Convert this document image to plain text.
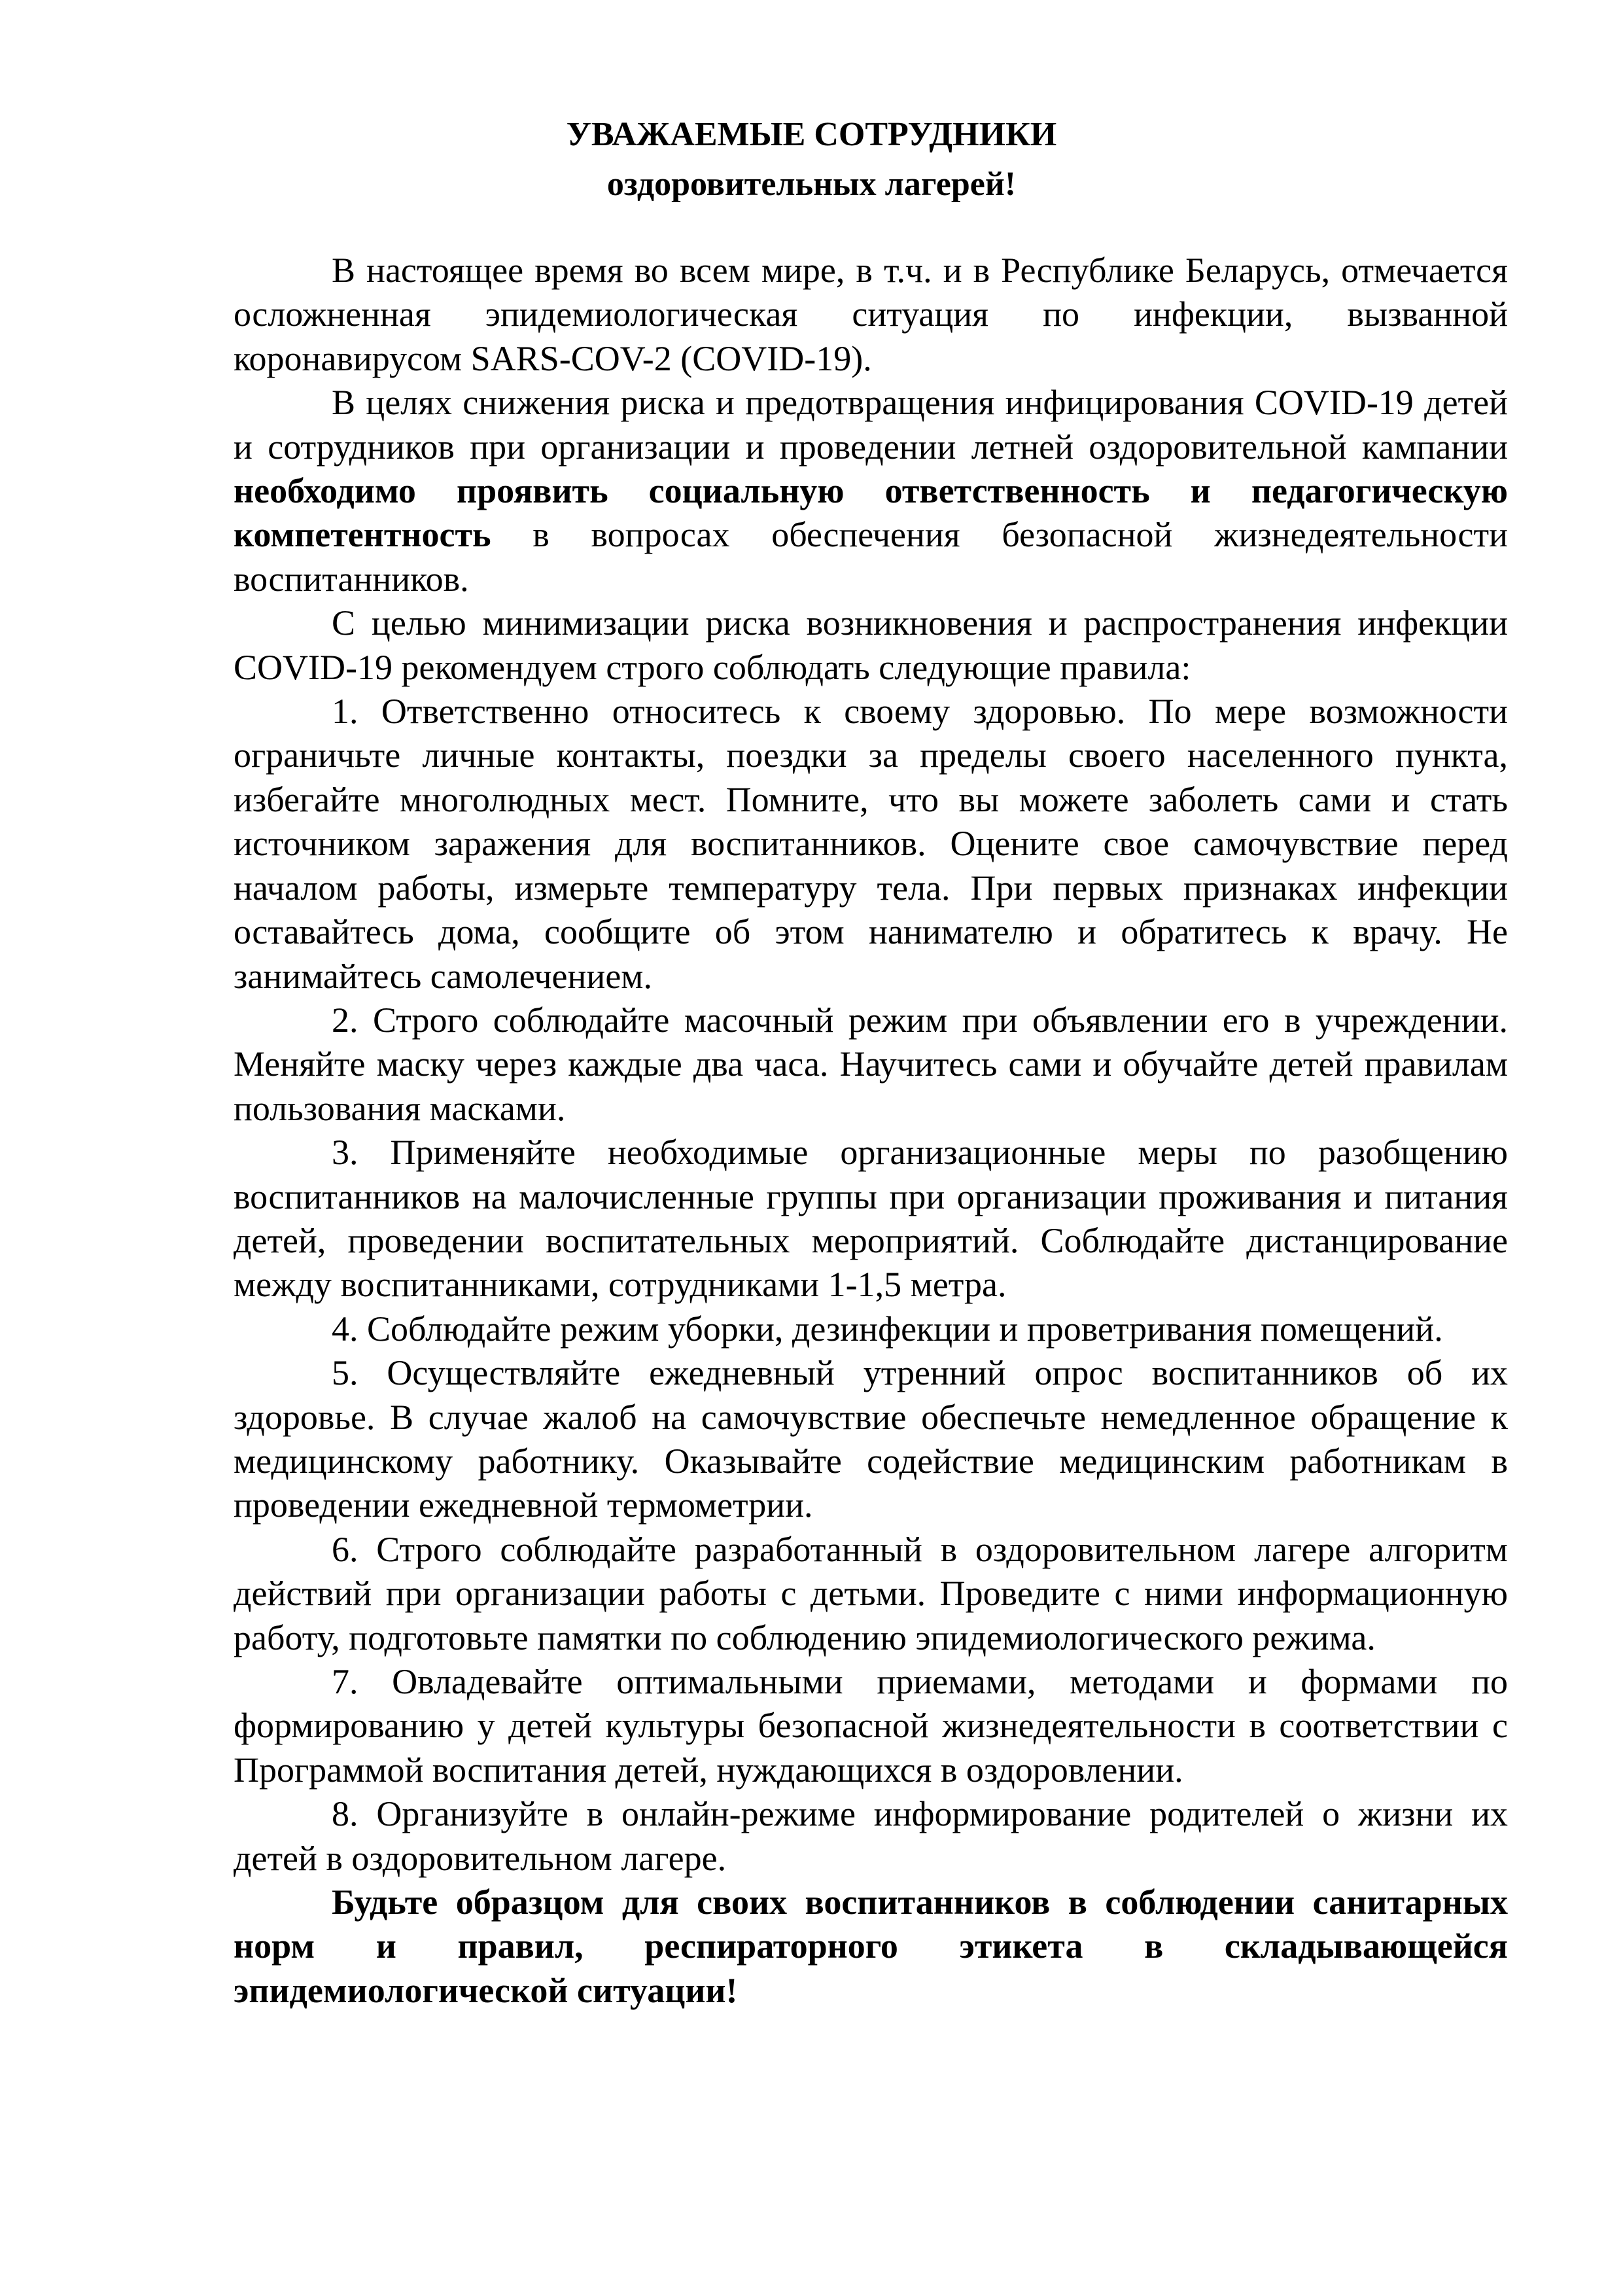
УВАЖАЕМЫЕ СОТРУДНИКИ
оздоровительных лагерей!

В настоящее время во всем мире, в т.ч. и в Республике Беларусь, отмечается осложненная эпидемиологическая ситуация по инфекции, вызванной коронавирусом SARS-COV-2 (COVID-19).

В целях снижения риска и предотвращения инфицирования COVID-19 детей и сотрудников при организации и проведении летней оздоровительной кампании необходимо проявить социальную ответственность и педагогическую компетентность в вопросах обеспечения безопасной жизнедеятельности воспитанников.

С целью минимизации риска возникновения и распространения инфекции COVID-19 рекомендуем строго соблюдать следующие правила:

1. Ответственно относитесь к своему здоровью. По мере возможности ограничьте личные контакты, поездки за пределы своего населенного пункта, избегайте многолюдных мест. Помните, что вы можете заболеть сами и стать источником заражения для воспитанников. Оцените свое самочувствие перед началом работы, измерьте температуру тела. При первых признаках инфекции оставайтесь дома, сообщите об этом нанимателю и обратитесь к врачу. Не занимайтесь самолечением.

2. Строго соблюдайте масочный режим при объявлении его в учреждении. Меняйте маску через каждые два часа. Научитесь сами и обучайте детей правилам пользования масками.

3. Применяйте необходимые организационные меры по разобщению воспитанников на малочисленные группы при организации проживания и питания детей, проведении воспитательных мероприятий. Соблюдайте дистанцирование между воспитанниками, сотрудниками 1-1,5 метра.

4. Соблюдайте режим уборки, дезинфекции и проветривания помещений.

5. Осуществляйте ежедневный утренний опрос воспитанников об их здоровье. В случае жалоб на самочувствие обеспечьте немедленное обращение к медицинскому работнику. Оказывайте содействие медицинским работникам в проведении ежедневной термометрии.

6. Строго соблюдайте разработанный в оздоровительном лагере алгоритм действий при организации работы с детьми. Проведите с ними информационную работу, подготовьте памятки по соблюдению эпидемиологического режима.

7. Овладевайте оптимальными приемами, методами и формами по формированию у детей культуры безопасной жизнедеятельности в соответствии с Программой воспитания детей, нуждающихся в оздоровлении.

8. Организуйте в онлайн-режиме информирование родителей о жизни их детей в оздоровительном лагере.

Будьте образцом для своих воспитанников в соблюдении санитарных норм и правил, респираторного этикета в складывающейся эпидемиологической ситуации!
